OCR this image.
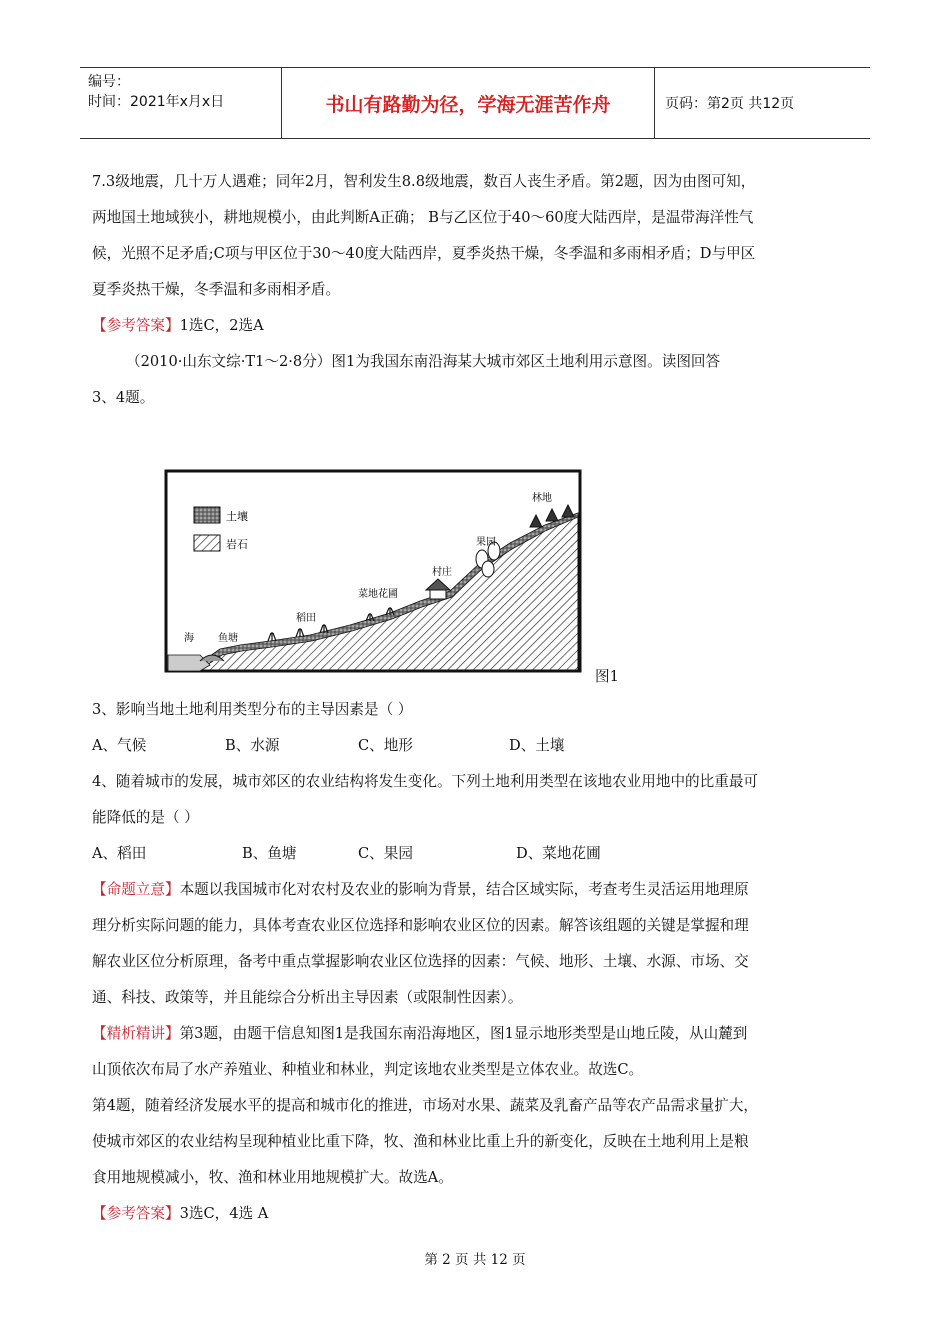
编号：
时间：2021年x月x日	书山有路勤为径，学海无涯苦作舟	页码：第2页 共12页
7.3级地震，几十万人遇难；同年2月，智利发生8.8级地震，数百人丧生矛盾。第2题，因为由图可知，
两地国土地域狭小，耕地规模小，由此判断A正确； B与乙区位于40～60度大陆西岸，是温带海洋性气
候，光照不足矛盾;C项与甲区位于30～40度大陆西岸，夏季炎热干燥，冬季温和多雨相矛盾；D与甲区
夏季炎热干燥，冬季温和多雨相矛盾。
【参考答案】1选C，2选A
（2010·山东文综·T1～2·8分）图1为我国东南沿海某大城市郊区土地利用示意图。读图回答
3、4题。
土壤
岩石
海 鱼塘
稻田
菜地花圃
村庄
果园
林地
图1
3、影响当地土地利用类型分布的主导因素是（ ）
A、气候	B、水源	C、地形	D、土壤
4、随着城市的发展，城市郊区的农业结构将发生变化。下列土地利用类型在该地农业用地中的比重最可
能降低的是（ ）
A、稻田	B、鱼塘	C、果园	D、菜地花圃
【命题立意】本题以我国城市化对农村及农业的影响为背景，结合区域实际，考查考生灵活运用地理原
理分析实际问题的能力，具体考查农业区位选择和影响农业区位的因素。解答该组题的关键是掌握和理
解农业区位分析原理，备考中重点掌握影响农业区位选择的因素：气候、地形、土壤、水源、市场、交
通、科技、政策等，并且能综合分析出主导因素（或限制性因素）。
【精析精讲】第3题，由题干信息知图1是我国东南沿海地区，图1显示地形类型是山地丘陵，从山麓到
山顶依次布局了水产养殖业、种植业和林业，判定该地农业类型是立体农业。故选C。
第4题，随着经济发展水平的提高和城市化的推进，市场对水果、蔬菜及乳畜产品等农产品需求量扩大，
使城市郊区的农业结构呈现种植业比重下降，牧、渔和林业比重上升的新变化，反映在土地利用上是粮
食用地规模减小，牧、渔和林业用地规模扩大。故选A。
【参考答案】3选C，4选 A
第 2 页 共 12 页
